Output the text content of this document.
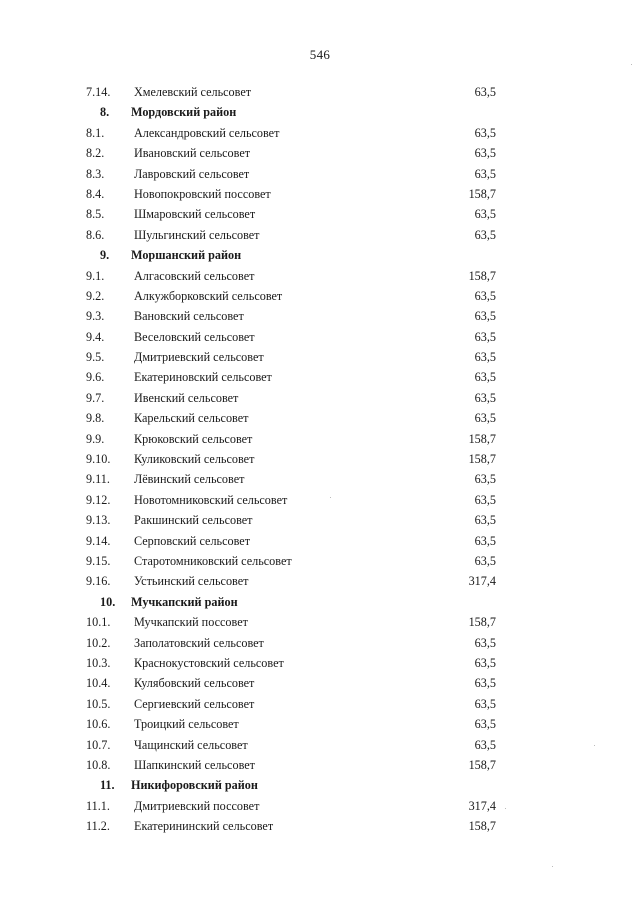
546
7.14.	Хмелевский сельсовет	63,5
8.	Мордовский район
8.1.	Александровский сельсовет	63,5
8.2.	Ивановский сельсовет	63,5
8.3.	Лавровский сельсовет	63,5
8.4.	Новопокровский поссовет	158,7
8.5.	Шмаровский сельсовет	63,5
8.6.	Шульгинский сельсовет	63,5
9.	Моршанский район
9.1.	Алгасовский сельсовет	158,7
9.2.	Алкужборковский сельсовет	63,5
9.3.	Вановский сельсовет	63,5
9.4.	Веселовский сельсовет	63,5
9.5.	Дмитриевский сельсовет	63,5
9.6.	Екатериновский сельсовет	63,5
9.7.	Ивенский сельсовет	63,5
9.8.	Карельский сельсовет	63,5
9.9.	Крюковский сельсовет	158,7
9.10.	Куликовский сельсовет	158,7
9.11.	Лёвинский сельсовет	63,5
9.12.	Новотомниковский сельсовет	63,5
9.13.	Ракшинский сельсовет	63,5
9.14.	Серповский сельсовет	63,5
9.15.	Старотомниковский сельсовет	63,5
9.16.	Устьинский сельсовет	317,4
10.	Мучкапский район
10.1.	Мучкапский поссовет	158,7
10.2.	Заполатовский сельсовет	63,5
10.3.	Краснокустовский сельсовет	63,5
10.4.	Кулябовский сельсовет	63,5
10.5.	Сергиевский сельсовет	63,5
10.6.	Троицкий сельсовет	63,5
10.7.	Чащинский сельсовет	63,5
10.8.	Шапкинский сельсовет	158,7
11.	Никифоровский район
11.1.	Дмитриевский поссовет	317,4
11.2.	Екатерининский сельсовет	158,7
